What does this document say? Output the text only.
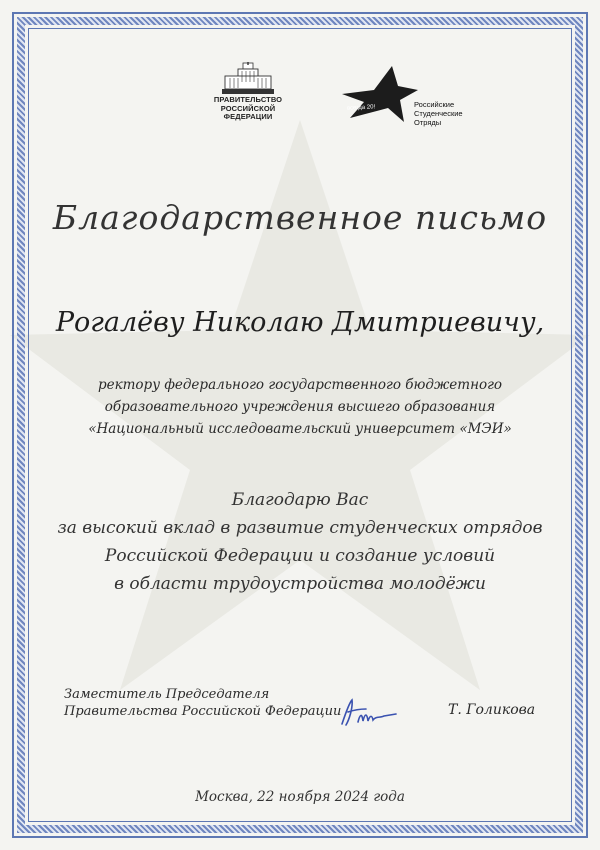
ПРАВИТЕЛЬСТВО
РОССИЙСКОЙ
ФЕДЕРАЦИИ
всегда 20!	Российские
Студенческие
Отряды
Благодарственное письмо
Рогалёву Николаю Дмитриевичу,
ректору федерального государственного бюджетного
образовательного учреждения высшего образования
«Национальный исследовательский университет «МЭИ»
Благодарю Вас
за высокий вклад в развитие студенческих отрядов
Российской Федерации и создание условий
в области трудоустройства молодёжи
Заместитель Председателя
Правительства Российской Федерации	Т. Голикова
Москва, 22 ноября 2024 года
